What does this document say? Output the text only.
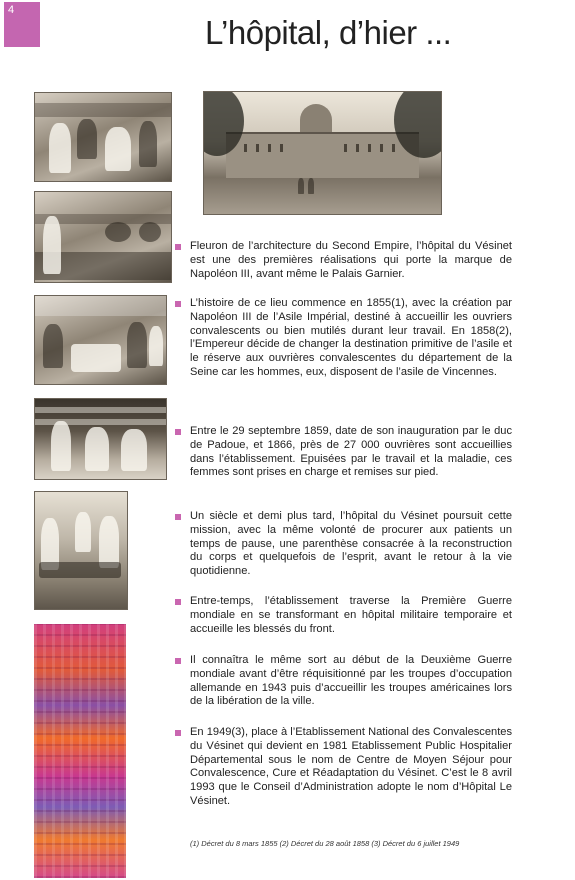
4
L’hôpital, d’hier ...
Fleuron de l’architecture du Second Empire, l’hôpital du Vésinet est une des premières réalisations qui porte la marque de Napoléon III, avant même le Palais Garnier.
L’histoire de ce lieu commence en 1855(1), avec la création par Napoléon III de l’Asile Impérial, destiné à accueillir les ouvriers convalescents ou bien mutilés durant leur travail. En 1858(2), l’Empereur décide de changer la destination primitive de l’asile et le réserve aux ouvrières convalescentes du département de la Seine car les hommes, eux, disposent de l’asile de Vincennes.
Entre le 29 septembre 1859, date de son inauguration par le duc de Padoue, et 1866, près de 27 000 ouvrières sont accueillies dans l’établissement. Epuisées par le travail et la maladie, ces femmes sont prises en charge et remises sur pied.
Un siècle et demi plus tard, l’hôpital du Vésinet poursuit cette mission, avec la même volonté de procurer aux patients un temps de pause, une parenthèse consacrée à la reconstruction du corps et quelquefois de l’esprit, avant le retour à la vie quotidienne.
Entre-temps, l’établissement traverse la Première Guerre mondiale en se transformant en hôpital militaire temporaire et accueille les blessés du front.
Il connaîtra le même sort au début de la Deuxième Guerre mondiale avant d’être réquisitionné par les troupes d’occupation allemande en 1943 puis d’accueillir les troupes américaines lors de la libération de la ville.
En 1949(3), place à l’Etablissement National des Convalescentes du Vésinet qui devient en 1981 Etablissement Public Hospitalier Départemental sous le nom de Centre de Moyen Séjour pour Convalescence, Cure et Réadaptation du Vésinet. C’est le 8 avril 1993 que le Conseil d’Administration adopte le nom d’Hôpital Le Vésinet.
(1) Décret du 8 mars 1855 (2) Décret du 28 août 1858 (3) Décret du 6 juillet 1949
